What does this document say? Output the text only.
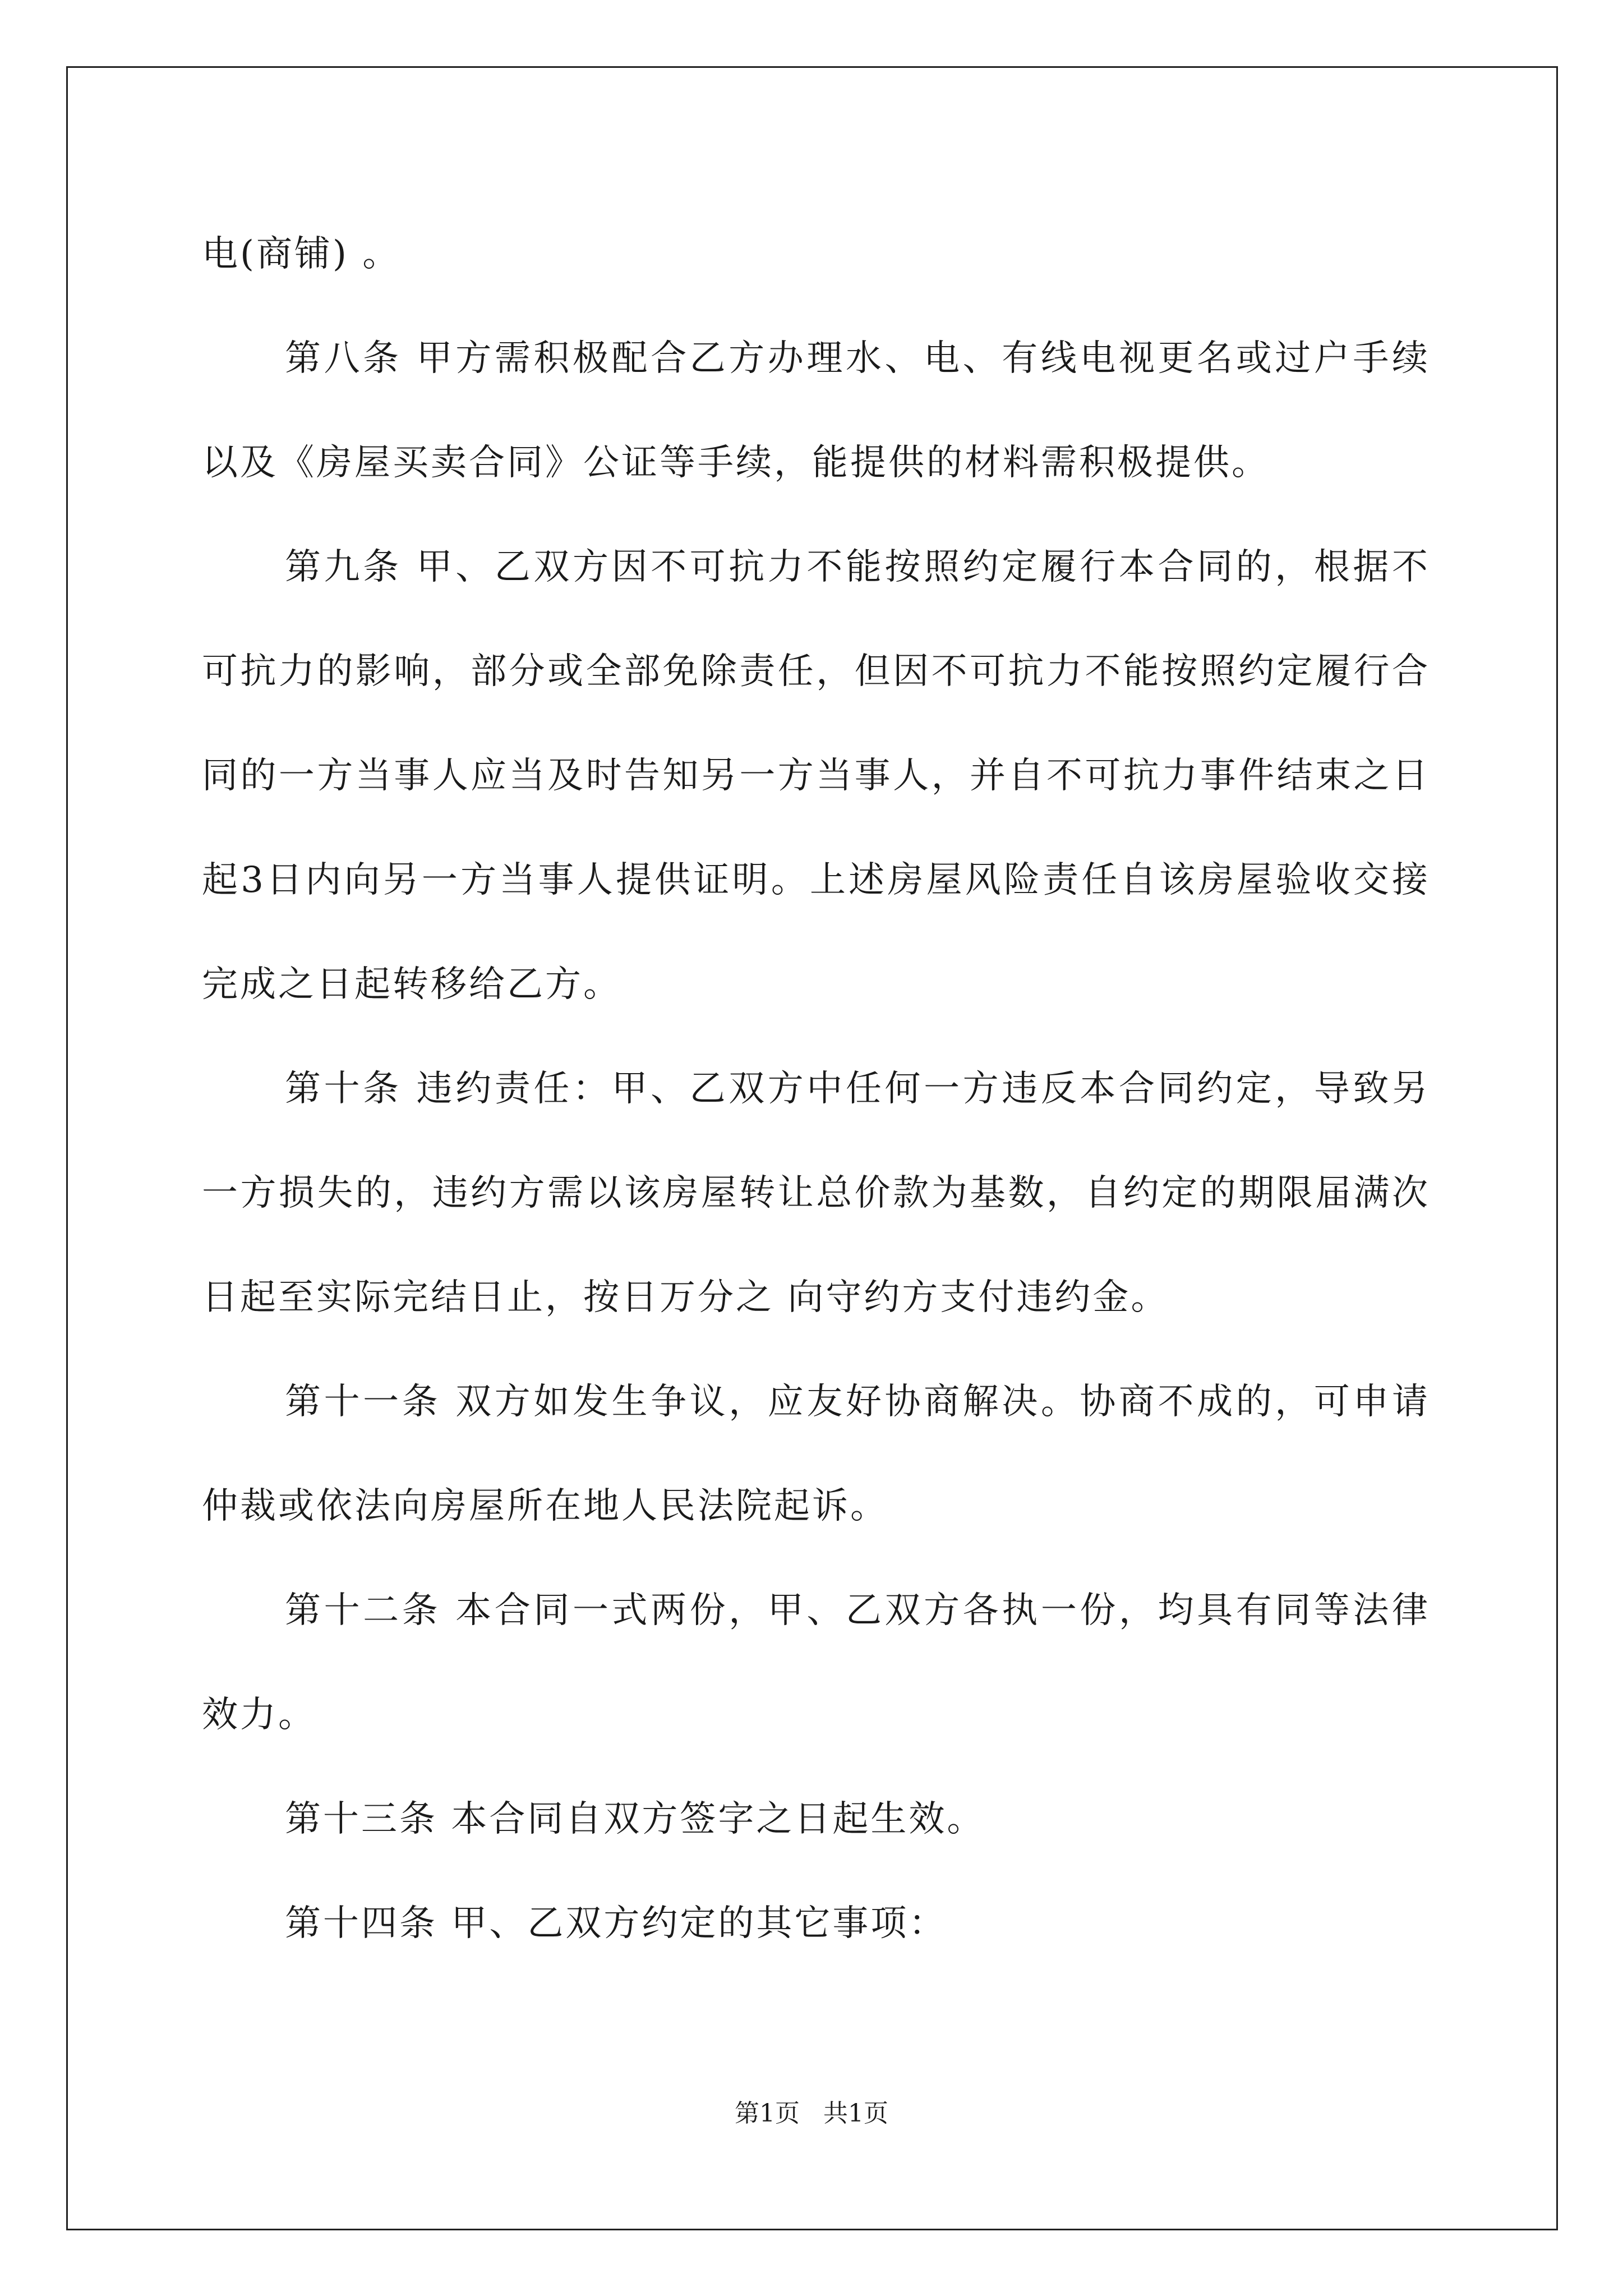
电(商铺) 。

第八条 甲方需积极配合乙方办理水、电、有线电视更名或过户手续以及《房屋买卖合同》公证等手续，能提供的材料需积极提供。

第九条 甲、乙双方因不可抗力不能按照约定履行本合同的，根据不可抗力的影响，部分或全部免除责任，但因不可抗力不能按照约定履行合同的一方当事人应当及时告知另一方当事人，并自不可抗力事件结束之日起3日内向另一方当事人提供证明。上述房屋风险责任自该房屋验收交接完成之日起转移给乙方。

第十条 违约责任：甲、乙双方中任何一方违反本合同约定，导致另一方损失的，违约方需以该房屋转让总价款为基数，自约定的期限届满次日起至实际完结日止，按日万分之 向守约方支付违约金。

第十一条 双方如发生争议，应友好协商解决。协商不成的，可申请仲裁或依法向房屋所在地人民法院起诉。

第十二条 本合同一式两份，甲、乙双方各执一份，均具有同等法律效力。

第十三条 本合同自双方签字之日起生效。

第十四条 甲、乙双方约定的其它事项：

第1页 共1页
